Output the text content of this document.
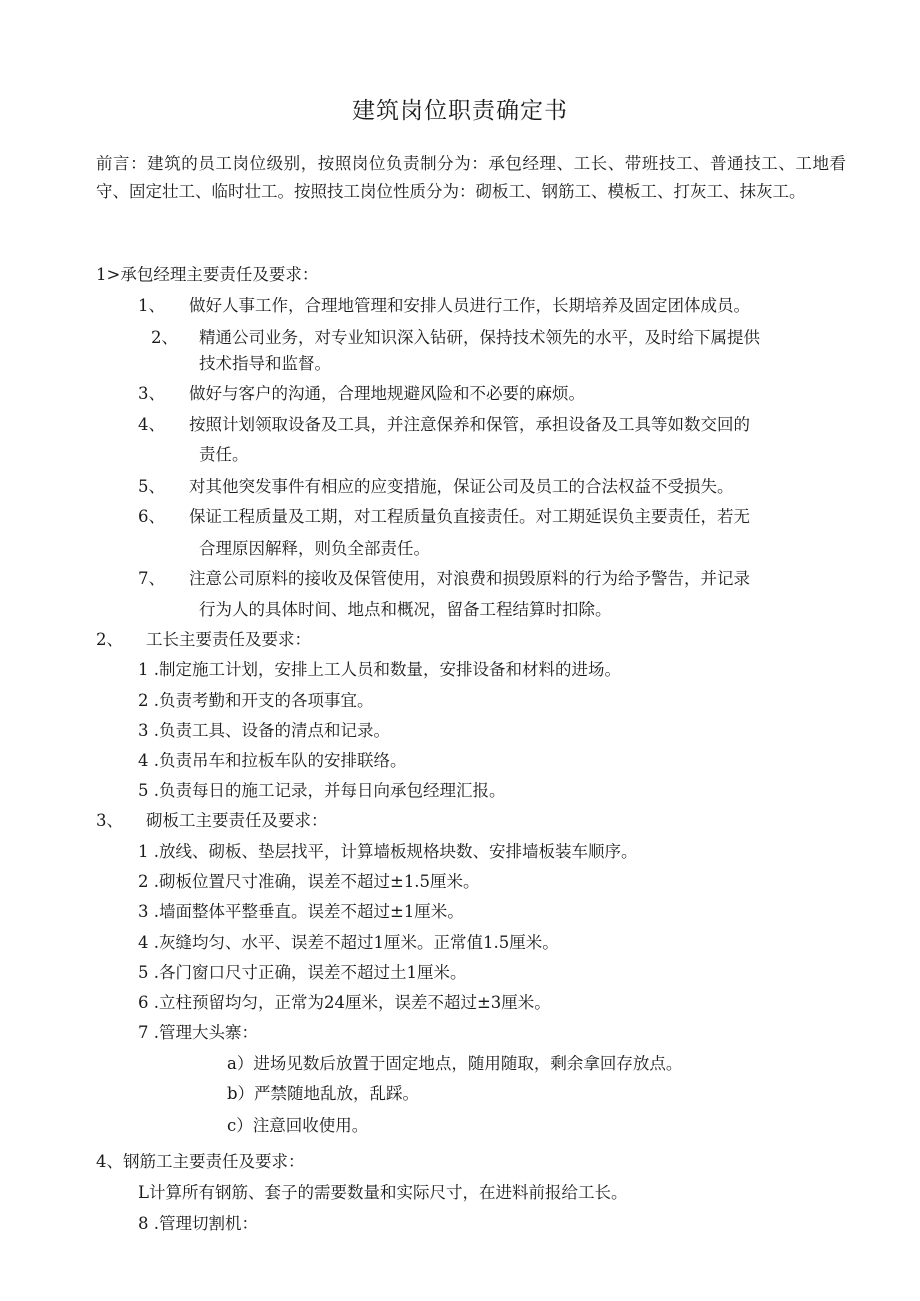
建筑岗位职责确定书
前言：建筑的员工岗位级别，按照岗位负责制分为：承包经理、工长、带班技工、普通技工、工地看守、固定壮工、临时壮工。按照技工岗位性质分为：砌板工、钢筋工、模板工、打灰工、抹灰工。
1>承包经理主要责任及要求：
1、 做好人事工作，合理地管理和安排人员进行工作，长期培养及固定团体成员。
2、 精通公司业务，对专业知识深入钻研，保持技术领先的水平，及时给下属提供
技术指导和监督。
3、 做好与客户的沟通，合理地规避风险和不必要的麻烦。
4、 按照计划领取设备及工具，并注意保养和保管，承担设备及工具等如数交回的
责任。
5、 对其他突发事件有相应的应变措施，保证公司及员工的合法权益不受损失。
6、 保证工程质量及工期，对工程质量负直接责任。对工期延误负主要责任，若无
合理原因解释，则负全部责任。
7、 注意公司原料的接收及保管使用，对浪费和损毁原料的行为给予警告，并记录
行为人的具体时间、地点和概况，留备工程结算时扣除。
2、 工长主要责任及要求：
1 .制定施工计划，安排上工人员和数量，安排设备和材料的进场。
2 .负责考勤和开支的各项事宜。
3 .负责工具、设备的清点和记录。
4 .负责吊车和拉板车队的安排联络。
5 .负责每日的施工记录，并每日向承包经理汇报。
3、 砌板工主要责任及要求：
1 .放线、砌板、垫层找平，计算墙板规格块数、安排墙板装车顺序。
2 .砌板位置尺寸准确，误差不超过±1.5厘米。
3 .墙面整体平整垂直。误差不超过±1厘米。
4 .灰缝均匀、水平、误差不超过1厘米。正常值1.5厘米。
5 .各门窗口尺寸正确，误差不超过土1厘米。
6 .立柱预留均匀，正常为24厘米，误差不超过±3厘米。
7 .管理大头寨：
a）进场见数后放置于固定地点，随用随取，剩余拿回存放点。
b）严禁随地乱放，乱踩。
c）注意回收使用。
4、钢筋工主要责任及要求：
L计算所有钢筋、套子的需要数量和实际尺寸，在进料前报给工长。
8 .管理切割机：
